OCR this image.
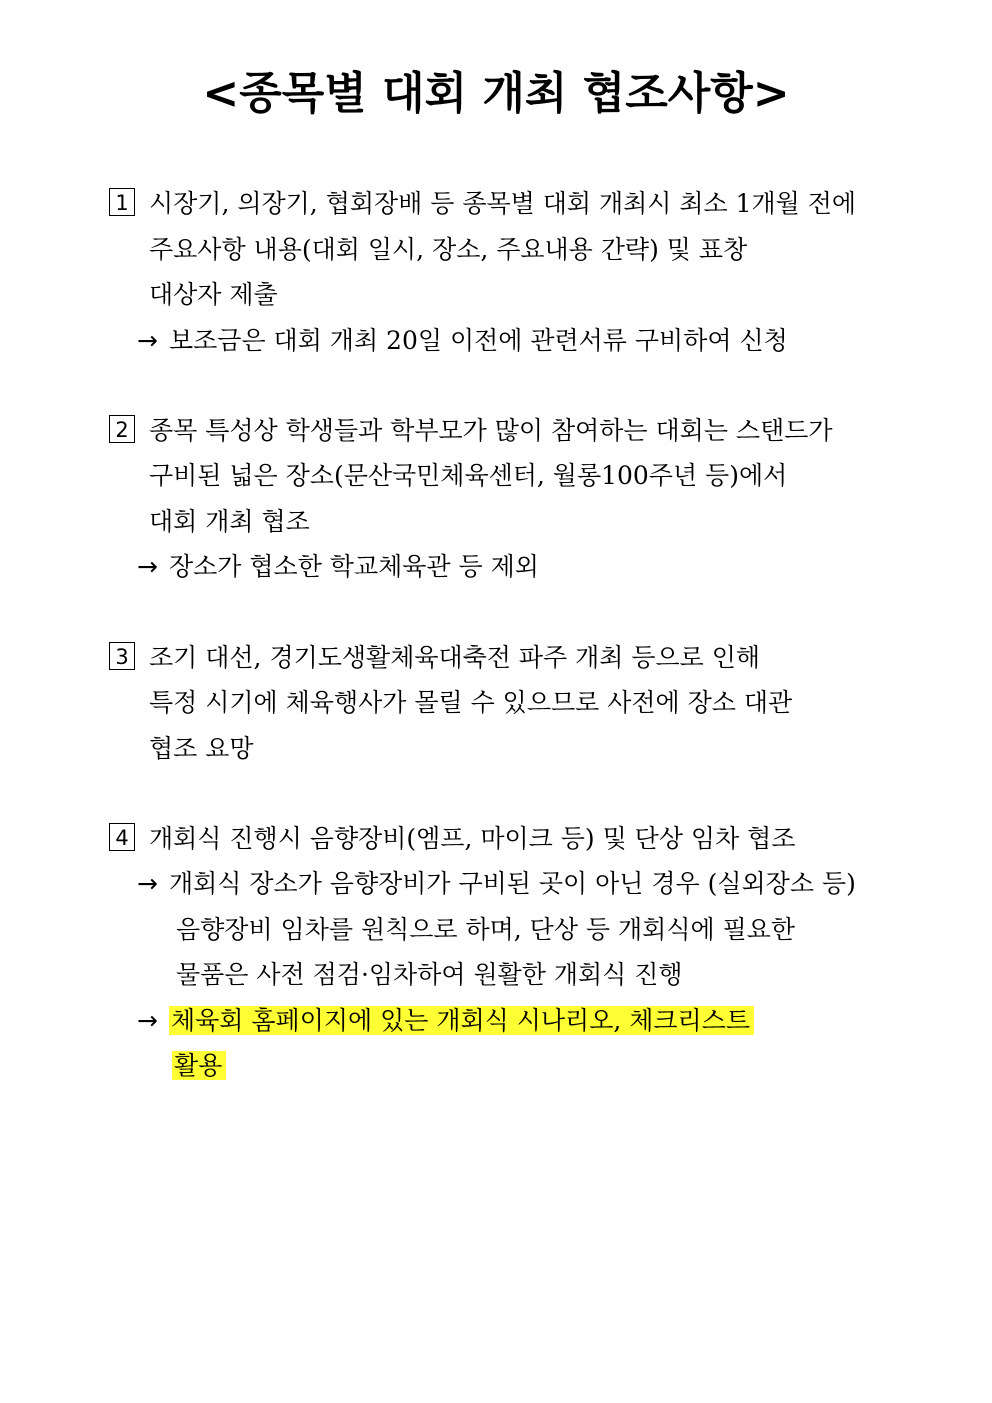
<종목별 대회 개최 협조사항>
1 시장기, 의장기, 협회장배 등 종목별 대회 개최시 최소 1개월 전에
주요사항 내용(대회 일시, 장소, 주요내용 간략) 및 표창
대상자 제출
→ 보조금은 대회 개최 20일 이전에 관련서류 구비하여 신청
2 종목 특성상 학생들과 학부모가 많이 참여하는 대회는 스탠드가
구비된 넓은 장소(문산국민체육센터, 월롱100주년 등)에서
대회 개최 협조
→ 장소가 협소한 학교체육관 등 제외
3 조기 대선, 경기도생활체육대축전 파주 개최 등으로 인해
특정 시기에 체육행사가 몰릴 수 있으므로 사전에 장소 대관
협조 요망
4 개회식 진행시 음향장비(엠프, 마이크 등) 및 단상 임차 협조
→ 개회식 장소가 음향장비가 구비된 곳이 아닌 경우 (실외장소 등)
음향장비 임차를 원칙으로 하며, 단상 등 개회식에 필요한
물품은 사전 점검·임차하여 원활한 개회식 진행
→ 체육회 홈페이지에 있는 개회식 시나리오, 체크리스트
활용
